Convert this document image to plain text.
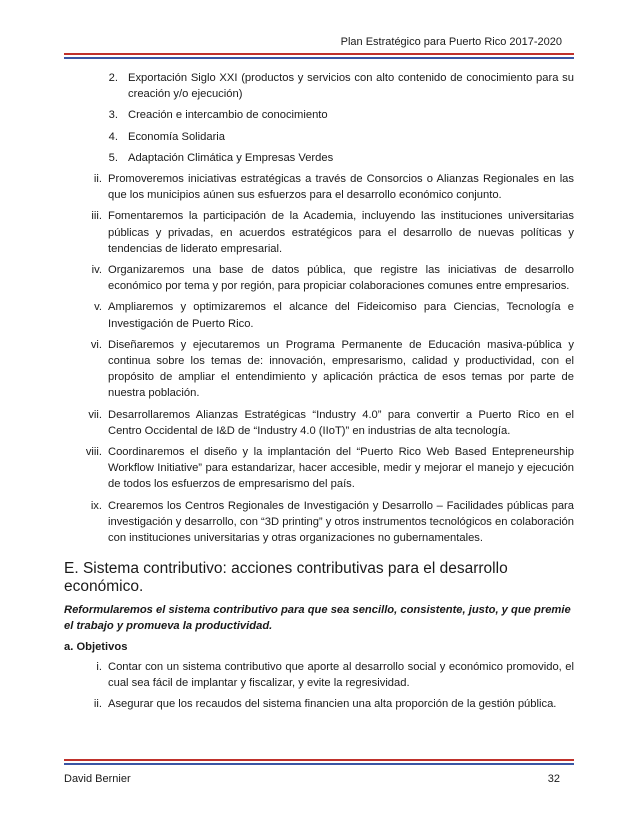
Plan Estratégico para Puerto Rico 2017-2020
2. Exportación Siglo XXI (productos y servicios con alto contenido de conocimiento para su creación y/o ejecución)
3. Creación e intercambio de conocimiento
4. Economía Solidaria
5. Adaptación Climática y Empresas Verdes
ii. Promoveremos iniciativas estratégicas a través de Consorcios o Alianzas Regionales en las que los municipios aúnen sus esfuerzos para el desarrollo económico conjunto.
iii. Fomentaremos la participación de la Academia, incluyendo las instituciones universitarias públicas y privadas, en acuerdos estratégicos para el desarrollo de nuevas políticas y tendencias de liderato empresarial.
iv. Organizaremos una base de datos pública, que registre las iniciativas de desarrollo económico por tema y por región, para propiciar colaboraciones comunes entre empresarios.
v. Ampliaremos y optimizaremos el alcance del Fideicomiso para Ciencias, Tecnología e Investigación de Puerto Rico.
vi. Diseñaremos y ejecutaremos un Programa Permanente de Educación masiva-pública y continua sobre los temas de: innovación, empresarismo, calidad y productividad, con el propósito de ampliar el entendimiento y aplicación práctica de esos temas por parte de nuestra población.
vii. Desarrollaremos Alianzas Estratégicas “Industry 4.0” para convertir a Puerto Rico en el Centro Occidental de I&D de “Industry 4.0 (IIoT)” en industrias de alta tecnología.
viii. Coordinaremos el diseño y la implantación del “Puerto Rico Web Based Entepreneurship Workflow Initiative” para estandarizar, hacer accesible, medir y mejorar el manejo y ejecución de todos los esfuerzos de empresarismo del país.
ix. Crearemos los Centros Regionales de Investigación y Desarrollo – Facilidades públicas para investigación y desarrollo, con “3D printing” y otros instrumentos tecnológicos en colaboración con instituciones universitarias y otras organizaciones no gubernamentales.
E. Sistema contributivo: acciones contributivas para el desarrollo económico.
Reformularemos el sistema contributivo para que sea sencillo, consistente, justo, y que premie el trabajo y promueva la productividad.
a. Objetivos
i. Contar con un sistema contributivo que aporte al desarrollo social y económico promovido, el cual sea fácil de implantar y fiscalizar, y evite la regresividad.
ii. Asegurar que los recaudos del sistema financien una alta proporción de la gestión pública.
David Bernier	32
